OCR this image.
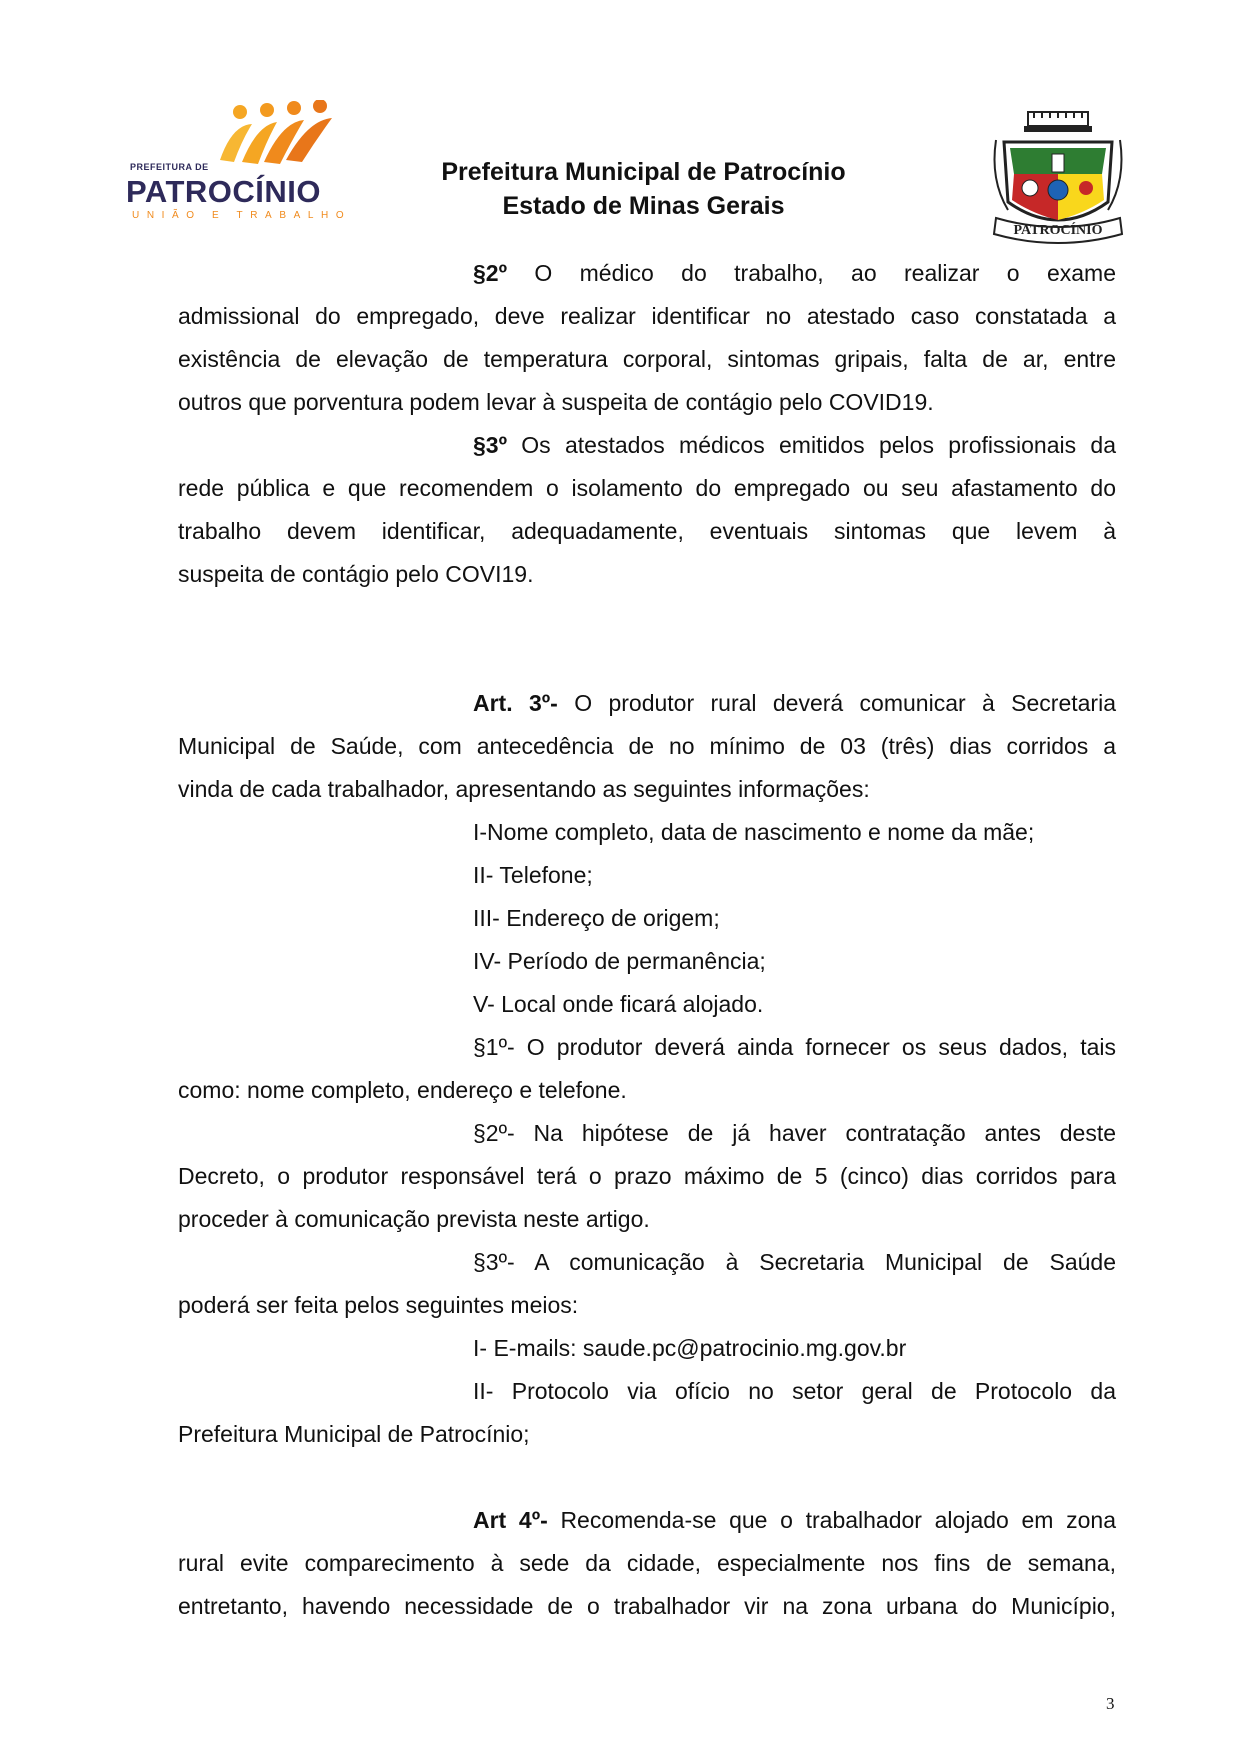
PREFEITURA DE
PATROCÍNIO
UNIÃO E TRABALHO
Prefeitura Municipal de Patrocínio
Estado de Minas Gerais
PATROCÍNIO
§2º O médico do trabalho, ao realizar o exame
admissional do empregado, deve realizar identificar no atestado caso constatada a
existência de elevação de temperatura corporal, sintomas gripais, falta de ar, entre
outros que porventura podem levar à suspeita de contágio pelo COVID19.
§3º Os atestados médicos emitidos pelos profissionais da
rede pública e que recomendem o isolamento do empregado ou seu afastamento do
trabalho devem identificar, adequadamente, eventuais sintomas que levem à
suspeita de contágio pelo COVI19.
Art. 3º- O produtor rural deverá comunicar à Secretaria
Municipal de Saúde, com antecedência de no mínimo de 03 (três) dias corridos a
vinda de cada trabalhador, apresentando as seguintes informações:
I-Nome completo, data de nascimento e nome da mãe;
II- Telefone;
III- Endereço de origem;
IV- Período de permanência;
V- Local onde ficará alojado.
§1º- O produtor deverá ainda fornecer os seus dados, tais
como: nome completo, endereço e telefone.
§2º- Na hipótese de já haver contratação antes deste
Decreto, o produtor responsável terá o prazo máximo de 5 (cinco) dias corridos para
proceder à comunicação prevista neste artigo.
§3º- A comunicação à Secretaria Municipal de Saúde
poderá ser feita pelos seguintes meios:
I- E-mails: saude.pc@patrocinio.mg.gov.br
II- Protocolo via ofício no setor geral de Protocolo da
Prefeitura Municipal de Patrocínio;
Art 4º- Recomenda-se que o trabalhador alojado em zona
rural evite comparecimento à sede da cidade, especialmente nos fins de semana,
entretanto, havendo necessidade de o trabalhador vir na zona urbana do Município,
3
